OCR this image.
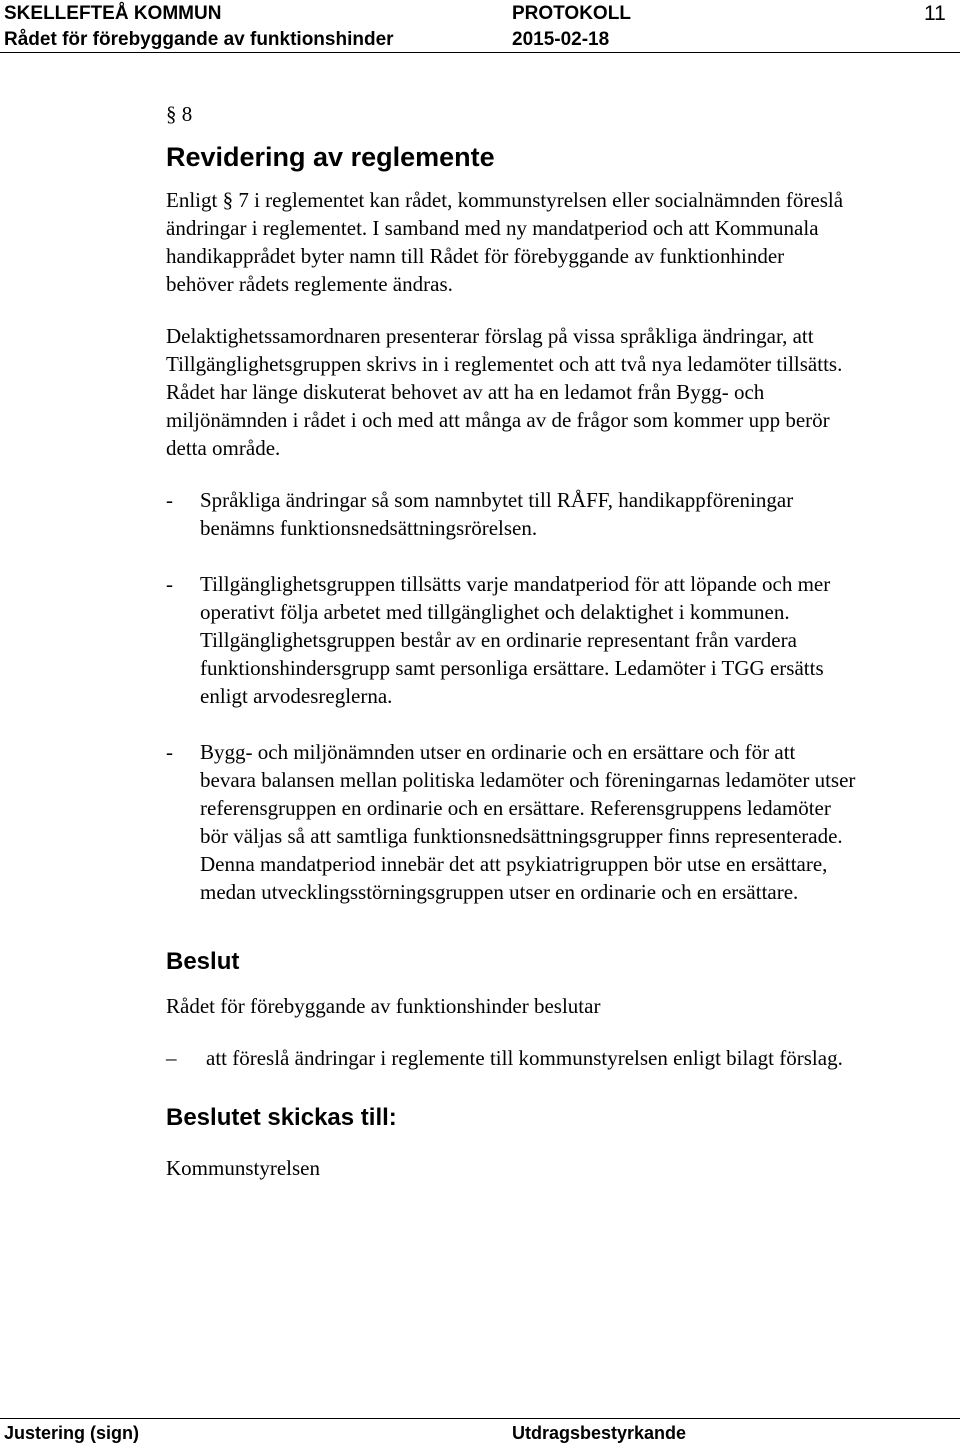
SKELLEFTEÅ KOMMUN
Rådet för förebyggande av funktionshinder
PROTOKOLL
2015-02-18
11
§ 8
Revidering av reglemente

Enligt § 7 i reglementet kan rådet, kommunstyrelsen eller socialnämnden föreslå ändringar i reglementet. I samband med ny mandatperiod och att Kommunala handikapprådet byter namn till Rådet för förebyggande av funktionhinder behöver rådets reglemente ändras.

Delaktighetssamordnaren presenterar förslag på vissa språkliga ändringar, att Tillgänglighetsgruppen skrivs in i reglementet och att två nya ledamöter tillsätts. Rådet har länge diskuterat behovet av att ha en ledamot från Bygg- och miljönämnden i rådet i och med att många av de frågor som kommer upp berör detta område.

- Språkliga ändringar så som namnbytet till RÅFF, handikappföreningar benämns funktionsnedsättningsrörelsen.
- Tillgänglighetsgruppen tillsätts varje mandatperiod för att löpande och mer operativt följa arbetet med tillgänglighet och delaktighet i kommunen. Tillgänglighetsgruppen består av en ordinarie representant från vardera funktionshindersgrupp samt personliga ersättare. Ledamöter i TGG ersätts enligt arvodesreglerna.
- Bygg- och miljönämnden utser en ordinarie och en ersättare och för att bevara balansen mellan politiska ledamöter och föreningarnas ledamöter utser referensgruppen en ordinarie och en ersättare. Referensgruppens ledamöter bör väljas så att samtliga funktionsnedsättningsgrupper finns representerade. Denna mandatperiod innebär det att psykiatrigruppen bör utse en ersättare, medan utvecklingsstörningsgruppen utser en ordinarie och en ersättare.
Beslut

Rådet för förebyggande av funktionshinder beslutar

–	att föreslå ändringar i reglemente till kommunstyrelsen enligt bilagt förslag.
Beslutet skickas till:

Kommunstyrelsen

Justering (sign)	Utdragsbestyrkande
